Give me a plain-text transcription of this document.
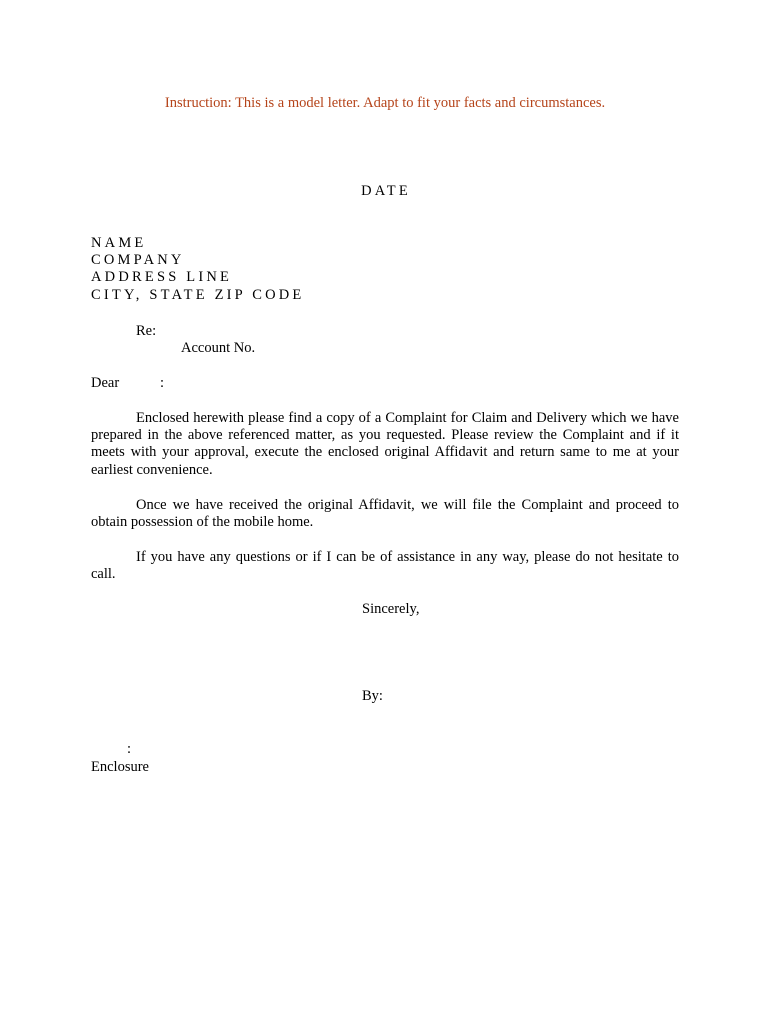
Instruction: This is a model letter. Adapt to fit your facts and circumstances.

DATE

NAME

COMPANY

ADDRESS LINE

CITY, STATE ZIP CODE

Re:

Account No.

Dear	:

Enclosed herewith please find a copy of a Complaint for Claim and Delivery which we have prepared in the above referenced matter, as you requested. Please review the Complaint and if it meets with your approval, execute the enclosed original Affidavit and return same to me at your earliest convenience.

Once we have received the original Affidavit, we will file the Complaint and proceed to obtain possession of the mobile home.

If you have any questions or if I can be of assistance in any way, please do not hesitate to call.

Sincerely,

By:

:

Enclosure
